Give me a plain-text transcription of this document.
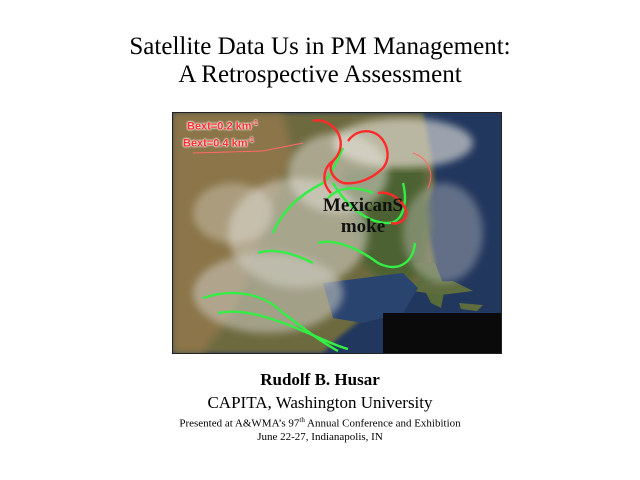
Satellite Data Us in PM Management:
A Retrospective Assessment
Bext=0.2 $km^{-1}$
Bext=0.4 $km^{-1}$
MexicanS
moke
Rudolf B. Husar
CAPITA, Washington University
Presented at A&WMA’s 97th Annual Conference and Exhibition
June 22-27, Indianapolis, IN
